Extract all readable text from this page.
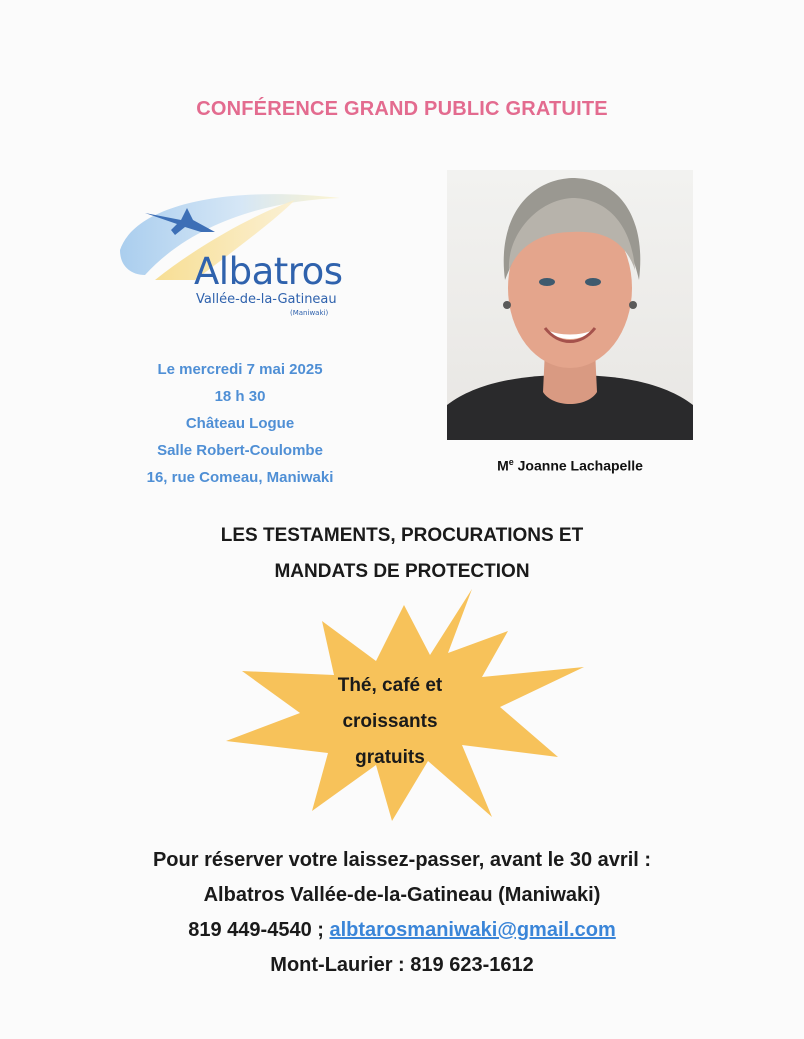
CONFÉRENCE GRAND PUBLIC GRATUITE
Albatros
Vallée-de-la-Gatineau
(Maniwaki)
Le mercredi 7 mai 2025
18 h 30
Château Logue
Salle Robert-Coulombe
16, rue Comeau, Maniwaki
Me Joanne Lachapelle
LES TESTAMENTS, PROCURATIONS ET
MANDATS DE PROTECTION
Thé, café et
croissants
gratuits
Pour réserver votre laissez-passer, avant le 30 avril :
Albatros Vallée-de-la-Gatineau (Maniwaki)
819 449-4540 ; albtarosmaniwaki@gmail.com
Mont-Laurier : 819 623-1612
